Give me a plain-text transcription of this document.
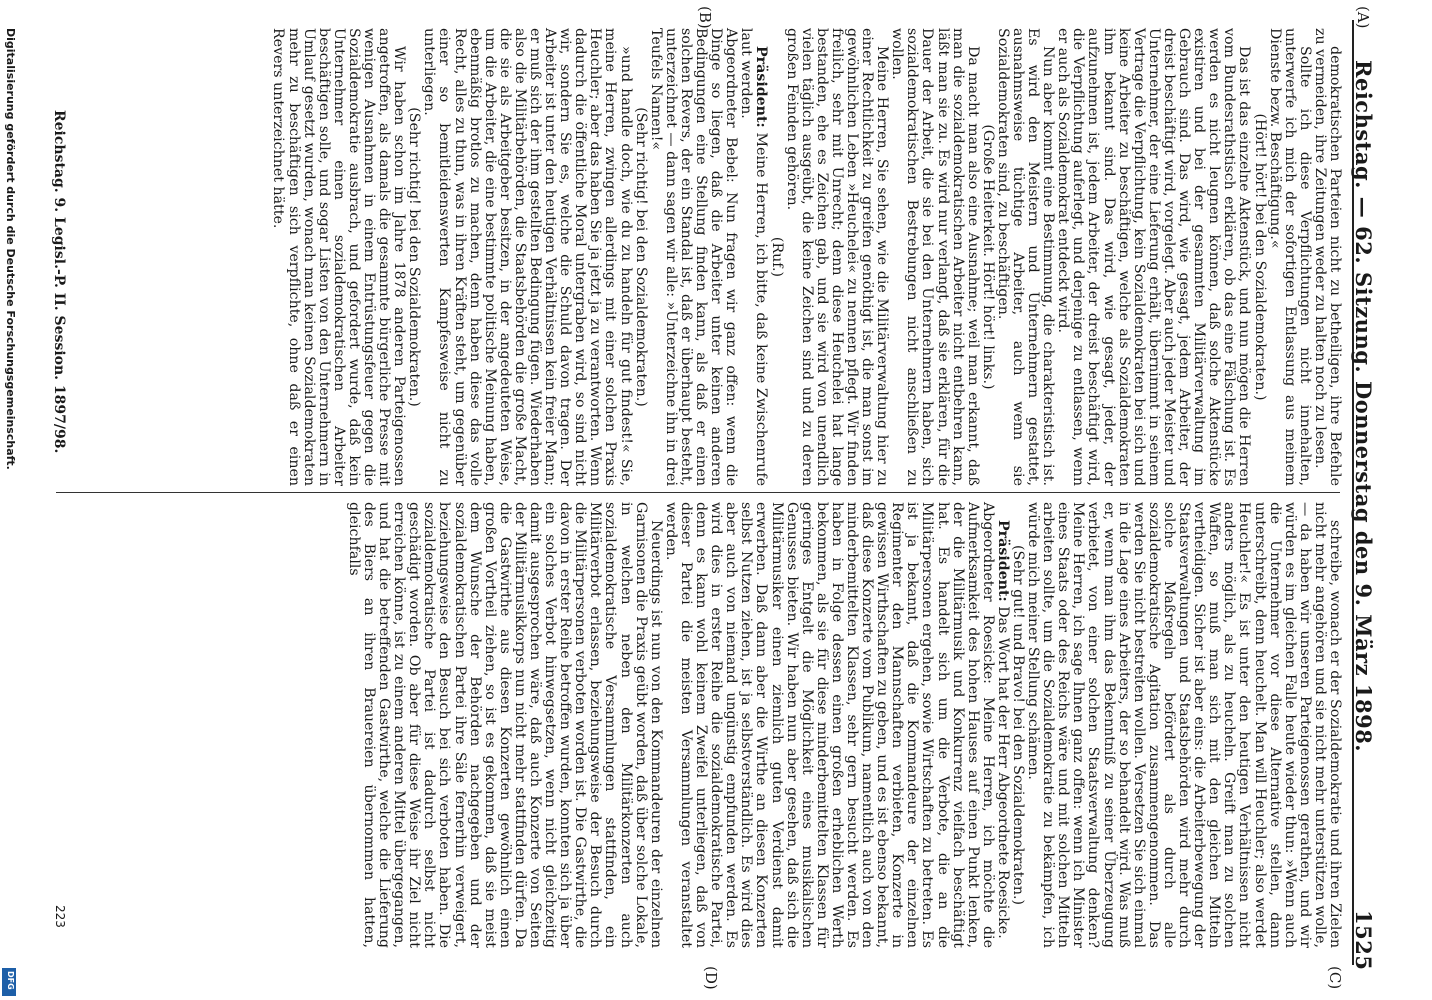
1525
Reichstag. — 62. Sitzung. Donnerstag den 9. März 1898.
(A)
(B)
(C)
(D)

demokratischen Parteien nicht zu betheiligen, ihre Befehle zu vermeiden, ihre Zeitungen weder zu halten noch zu lesen.

Sollte ich diese Verpflichtungen nicht innehalten, unterwerfe ich mich der sofortigen Entlassung aus meinem Dienste bezw. Beschäftigung.«

(Hört! hört! bei den Sozialdemokraten.)

Das ist das einzelne Aktenstück, und nun mögen die Herren vom Bundesrathstisch erklären, ob das eine Fälschung ist. Es werden es nicht leugnen können, daß solche Aktenstücke existiren und bei der gesammten Militärverwaltung im Gebrauch sind. Das wird, wie gesagt, jedem Arbeiter, der dreist beschäftigt wird, vorgelegt. Aber auch jeder Meister und Unternehmer, der eine Lieferung erhält, übernimmt in seinem Vertrage die Verpflichtung, kein Sozialdemokraten bei sich und keine Arbeiter zu beschäftigen, welche als Sozialdemokraten ihm bekannt sind. Das wird, wie gesagt, jeder, der aufzunehmen ist, jedem Arbeiter, der dreist beschäftigt wird, die Verpflichtung auferlegt, und derjenige zu entlassen, wenn er auch als Sozialdemokrat entdeckt wird.

Nun aber kommt eine Bestimmung, die charakteristisch ist. Es wird den Meistern und Unternehmern gestattet, ausnahmsweise tüchtige Arbeiter, auch wenn sie Sozialdemokraten sind, zu beschäftigen.

(Große Heiterkeit. Hört! hört! links.)

Da macht man also eine Ausnahme; weil man erkannt, daß man die sozialdemokratischen Arbeiter nicht entbehren kann, läßt man sie zu. Es wird nur verlangt, daß sie erklären, für die Dauer der Arbeit, die sie bei den Unternehmern haben, sich sozialdemokratischen Bestrebungen nicht anschließen zu wollen.

Meine Herren, Sie sehen, wie die Militärverwaltung hier zu einer Rechtlichkeit zu greifen genöthigt ist, die man sonst im gewöhnlichen Leben »Heuchelei« zu nennen pflegt. Wir finden freilich, sehr mit Unrecht; denn diese Heuchelei hat lange bestanden, ehe es Zeichen gab, und sie wird von unendlich vielen täglich ausgeübt, die keine Zeichen sind und zu deren großen Feinden gehören.

(Ruf.)

Präsident: Meine Herren, ich bitte, daß keine Zwischenrufe laut werden.

Abgeordneter Bebel: Nun fragen wir ganz offen: wenn die Dinge so liegen, daß die Arbeiter unter keinen anderen Bedingungen eine Stellung finden kann, als daß er einen solchen Revers, der ein Standal ist, daß er überhaupt besteht, unterzeichnet — dann sagen wir alle: »Unterzeichne ihn in drei Teufels Namen!«

(Sehr richtig! bei den Sozialdemokraten.)

»und handle doch, wie du zu handeln für gut findest!« Sie, meine Herren, zwingen allerdings mit einer solchen Praxis Heuchler; aber das haben Sie ja jetzt ja zu verantworten. Wenn dadurch die öffentliche Moral untergraben wird, so sind nicht wir, sondern Sie es, welche die Schuld davon tragen. Der Arbeiter ist unter den heutigen Verhältnissen kein freier Mann; er muß sich der ihm gestellten Bedingung fügen. Wiederhaben also die Militärbehörden, die Staatsbehörden die große Macht, die sie als Arbeitgeber besitzen, in der angedeuteten Weise, um die Arbeiter, die eine bestimmte politische Meinung haben, ebenmäßig brotlos zu machen, denn haben diese das volle Recht, alles zu thun, was in ihren Kräften steht, um gegenüber einer so bemitleidenswerten Kampfesweise nicht zu unterliegen.

(Sehr richtig! bei den Sozialdemokraten.)

Wir haben schon im Jahre 1878 anderen Parteigenossen angetroffen, als damals die gesammte bürgerliche Presse mit wenigen Ausnahmen in einem Entrüstungsfeuer gegen die Sozialdemokratie ausbrach, und gefordert wurde, daß kein Unternehmer einen sozialdemokratischen Arbeiter beschäftigen solle, und sogar Listen von den Unternehmern in Umlauf gesetzt wurden, wonach man keinen Sozialdemokraten mehr zu beschäftigen sich verpflichte, ohne daß er einen Revers unterzeichnet hätte.

schreibe, wonach er der Sozialdemokratie und ihren Zielen nicht mehr angehören und sie nicht mehr unterstützen wolle, — da haben wir unseren Parteigenossen gerathen, und wir würden es im gleichen Falle heute wieder thun: »Wenn auch die Unternehmer vor diese Alternative stellen, dann unterschreibt, denn heuchelt. Man will Heuchler; also werdet Heuchler!« Es ist unter den heutigen Verhältnissen nicht anders möglich, als zu heucheln. Greift man zu solchen Waffen, so muß man sich mit den gleichen Mitteln vertheidigen. Sicher ist aber eins: die Arbeiterbewegung der Staatsverwaltungen und Staatsbehörden wird mehr durch solche Maßregeln befördert als durch alle sozialdemokratische Agitation zusammengenommen. Das werden Sie nicht bestreiten wollen. Versetzen Sie sich einmal in die Lage eines Arbeiters, der so behandelt wird. Was muß er, wenn man ihm das Bekenntniß zu seiner Überzeugung verbietet, von einer solchen Staatsverwaltung denken? Meine Herren, ich sage Ihnen ganz offen: wenn ich Minister eines Staats oder des Reichs wäre und mit solchen Mitteln arbeiten sollte, um die Sozialdemokratie zu bekämpfen, ich würde mich meiner Stellung schämen.

(Sehr gut! und Bravo! bei den Sozialdemokraten.)

Präsident: Das Wort hat der Herr Abgeordnete Roesicke.

Abgeordneter Roesicke: Meine Herren, ich möchte die Aufmerksamkeit des hohen Hauses auf einen Punkt lenken, der die Militärmusik und Konkurrenz vielfach beschäftigt hat. Es handelt sich um die Verbote, die an die Militärpersonen ergehen, sowie Wirtschaften zu betreten. Es ist ja bekannt, daß die Kommandeure der einzelnen Regimenter den Mannschaften verbieten, Konzerte in gewissen Wirthschaften zu geben, und es ist ebenso bekannt, daß diese Konzerte vom Publikum, namentlich auch von den minderbemittelten Klassen, sehr gern besucht werden. Es haben in Folge dessen einen großen erheblichen Werth bekommen, als sie für diese minderbemittelten Klassen für geringes Entgelt die Möglichkeit eines musikalischen Genusses bieten. Wir haben nun aber gesehen, daß sich die Militärmusiker einen ziemlich guten Verdienst damit erwerben. Daß dann aber die Wirthe an diesen Konzerten selbst Nutzen ziehen, ist ja selbstverständlich. Es wird dies aber auch von niemand ungünstig empfunden werden. Es wird dies in erster Reihe die sozialdemokratische Partei, denn es kann wohl keinem Zweifel unterliegen, daß von dieser Partei die meisten Versammlungen veranstaltet werden.

Neuerdings ist nun von den Kommandeuren der einzelnen Garnisonen die Praxis geübt worden, daß über solche Lokale, in welchen neben den Militärkonzerten auch sozialdemokratische Versammlungen stattfinden, ein Militärverbot erlassen, beziehungsweise der Besuch durch die Militärpersonen verboten worden ist. Die Gastwirthe, die davon in erster Reihe betroffen wurden, konnten sich ja über ein solches Verbot hinwegsetzen, wenn nicht gleichzeitig damit ausgesprochen wäre, daß auch Konzerte von Seiten der Militärmusikkorps nun nicht mehr stattfinden dürfen. Da die Gastwirthe aus diesen Konzerten gewöhnlich einen großen Vortheil ziehen, so ist es gekommen, daß sie meist dem Wunsche der Behörden nachgegeben und der sozialdemokratischen Partei ihre Säle fernerhin verweigert, beziehungsweise den Besuch bei sich verboten haben. Die sozialdemokratische Partei ist dadurch selbst nicht geschädigt worden. Ob aber für diese Weise ihr Ziel nicht erreichen könne, ist zu einem anderen Mittel übergegangen, und hat die betreffenden Gastwirthe, welche die Lieferung des Biers an ihren Brauereien übernommen hatten, gleichfalls

Reichstag. 9. Legisl.-P. II. Session. 1897/98.
223
Digitalisierung gefördert durch die Deutsche Forschungsgemeinschaft.
DFG
